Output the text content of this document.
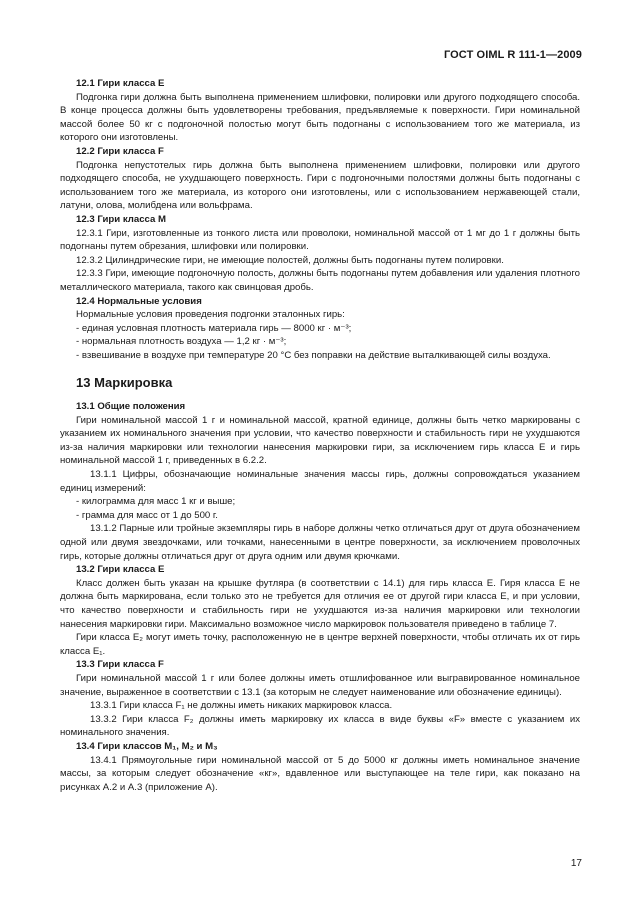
ГОСТ OIML R 111-1—2009

12.1 Гири класса E

Подгонка гири должна быть выполнена применением шлифовки, полировки или другого подходящего способа. В конце процесса должны быть удовлетворены требования, предъявляемые к поверхности. Гири номинальной массой более 50 кг с подгоночной полостью могут быть подогнаны с использованием того же материала, из которого они изготовлены.

12.2 Гири класса F

Подгонка непустотелых гирь должна быть выполнена применением шлифовки, полировки или другого подходящего способа, не ухудшающего поверхность. Гири с подгоночными полостями должны быть подогнаны с использованием того же материала, из которого они изготовлены, или с использованием нержавеющей стали, латуни, олова, молибдена или вольфрама.

12.3 Гири класса M

12.3.1 Гири, изготовленные из тонкого листа или проволоки, номинальной массой от 1 мг до 1 г должны быть подогнаны путем обрезания, шлифовки или полировки.

12.3.2 Цилиндрические гири, не имеющие полостей, должны быть подогнаны путем полировки.

12.3.3 Гири, имеющие подгоночную полость, должны быть подогнаны путем добавления или удаления плотного металлического материала, такого как свинцовая дробь.

12.4 Нормальные условия

Нормальные условия проведения подгонки эталонных гирь:

- единая условная плотность материала гирь — 8000 кг · м⁻³;

- нормальная плотность воздуха — 1,2 кг · м⁻³;

- взвешивание в воздухе при температуре 20 °C без поправки на действие выталкивающей силы воздуха.

13 Маркировка

13.1 Общие положения

Гири номинальной массой 1 г и номинальной массой, кратной единице, должны быть четко маркированы с указанием их номинального значения при условии, что качество поверхности и стабильность гири не ухудшаются из-за наличия маркировки или технологии нанесения маркировки гири, за исключением гирь класса E и гирь номинальной массой 1 г, приведенных в 6.2.2.

13.1.1 Цифры, обозначающие номинальные значения массы гирь, должны сопровождаться указанием единиц измерений:

- килограмма для масс 1 кг и выше;

- грамма для масс от 1 до 500 г.

13.1.2 Парные или тройные экземпляры гирь в наборе должны четко отличаться друг от друга обозначением одной или двумя звездочками, или точками, нанесенными в центре поверхности, за исключением проволочных гирь, которые должны отличаться друг от друга одним или двумя крючками.

13.2 Гири класса E

Класс должен быть указан на крышке футляра (в соответствии с 14.1) для гирь класса E. Гиря класса E не должна быть маркирована, если только это не требуется для отличия ее от другой гири класса E, и при условии, что качество поверхности и стабильность гири не ухудшаются из-за наличия маркировки или технологии нанесения маркировки гири. Максимально возможное число маркировок пользователя приведено в таблице 7.

Гири класса E₂ могут иметь точку, расположенную не в центре верхней поверхности, чтобы отличать их от гирь класса E₁.

13.3 Гири класса F

Гири номинальной массой 1 г или более должны иметь отшлифованное или выгравированное номинальное значение, выраженное в соответствии с 13.1 (за которым не следует наименование или обозначение единицы).

13.3.1 Гири класса F₁ не должны иметь никаких маркировок класса.

13.3.2 Гири класса F₂ должны иметь маркировку их класса в виде буквы «F» вместе с указанием их номинального значения.

13.4 Гири классов M₁, M₂ и M₃

13.4.1 Прямоугольные гири номинальной массой от 5 до 5000 кг должны иметь номинальное значение массы, за которым следует обозначение «кг», вдавленное или выступающее на теле гири, как показано на рисунках A.2 и A.3 (приложение А).

17
